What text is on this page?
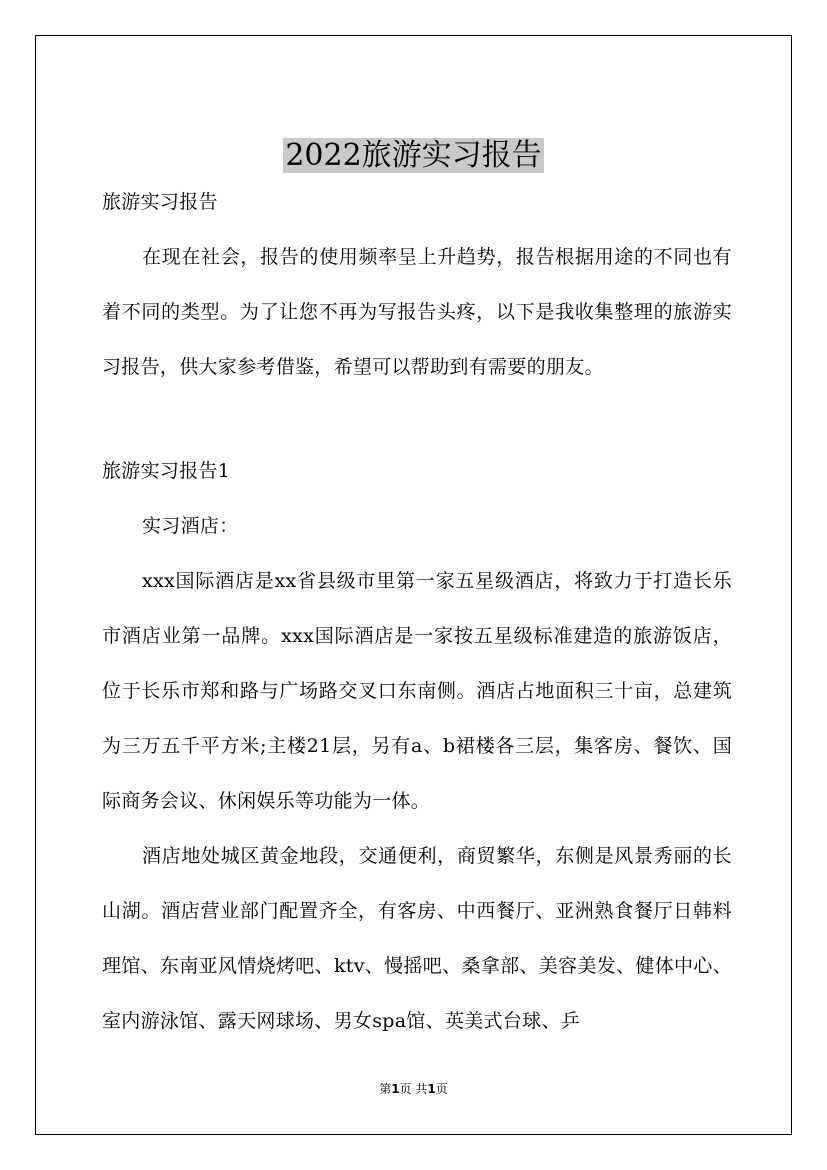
2022旅游实习报告

旅游实习报告

在现在社会，报告的使用频率呈上升趋势，报告根据用途的不同也有着不同的类型。为了让您不再为写报告头疼，以下是我收集整理的旅游实习报告，供大家参考借鉴，希望可以帮助到有需要的朋友。

旅游实习报告1

实习酒店：

xxx国际酒店是xx省县级市里第一家五星级酒店，将致力于打造长乐市酒店业第一品牌。xxx国际酒店是一家按五星级标准建造的旅游饭店，位于长乐市郑和路与广场路交叉口东南侧。酒店占地面积三十亩，总建筑为三万五千平方米;主楼21层，另有a、b裙楼各三层，集客房、餐饮、国际商务会议、休闲娱乐等功能为一体。

酒店地处城区黄金地段，交通便利，商贸繁华，东侧是风景秀丽的长山湖。酒店营业部门配置齐全，有客房、中西餐厅、亚洲熟食餐厅日韩料理馆、东南亚风情烧烤吧、ktv、慢摇吧、桑拿部、美容美发、健体中心、室内游泳馆、露天网球场、男女spa馆、英美式台球、乒

第1页 共1页
